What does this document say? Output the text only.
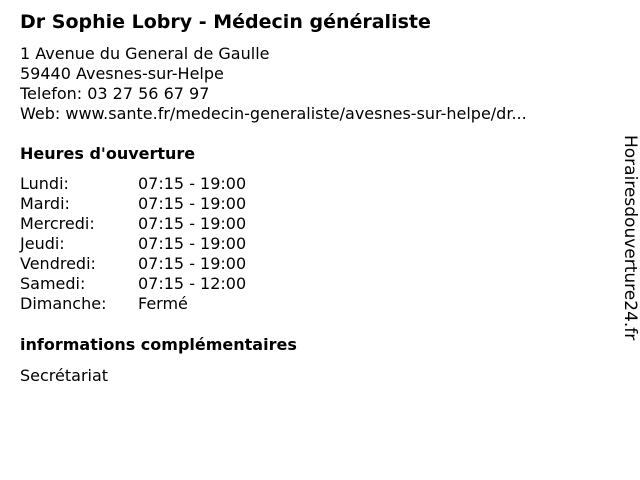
Dr Sophie Lobry - Médecin généraliste
1 Avenue du General de Gaulle
59440 Avesnes-sur-Helpe
Telefon: 03 27 56 67 97
Web: www.sante.fr/medecin-generaliste/avesnes-sur-helpe/dr...
Heures d'ouverture
Lundi:	07:15 - 19:00
Mardi:	07:15 - 19:00
Mercredi:	07:15 - 19:00
Jeudi:	07:15 - 19:00
Vendredi:	07:15 - 19:00
Samedi:	07:15 - 12:00
Dimanche:	Fermé
informations complémentaires
Secrétariat
Horairesdouverture24.fr
